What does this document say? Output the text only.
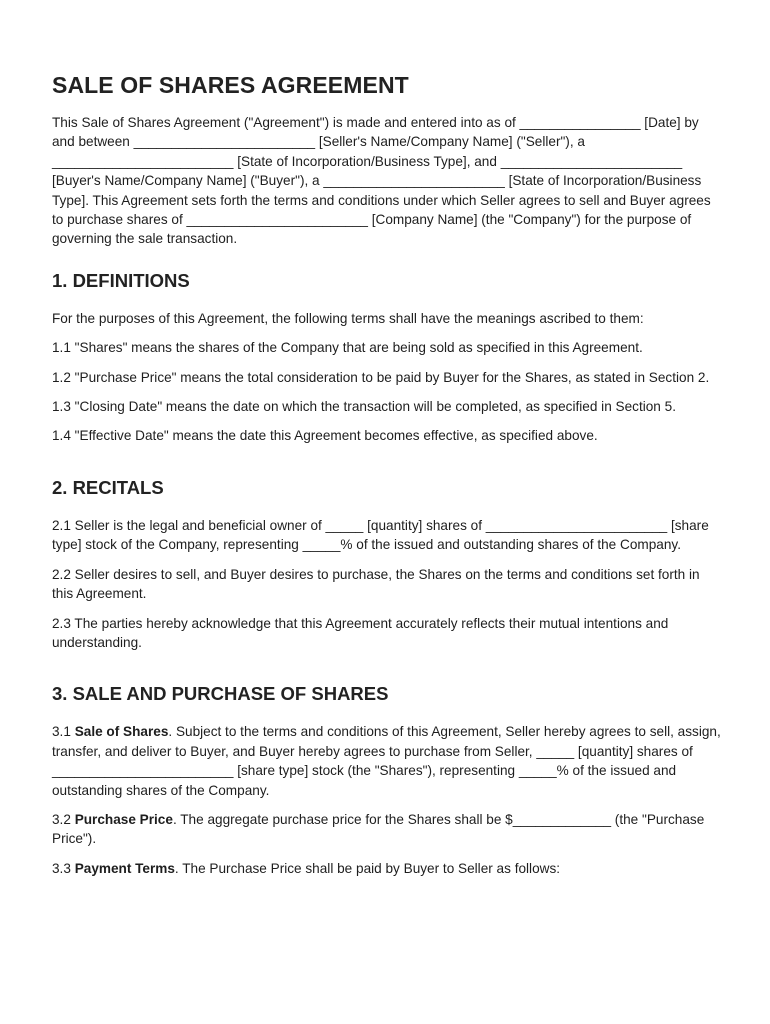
SALE OF SHARES AGREEMENT

This Sale of Shares Agreement ("Agreement") is made and entered into as of ________________ [Date] by and between ________________________ [Seller's Name/Company Name] ("Seller"), a ________________________ [State of Incorporation/Business Type], and ________________________ [Buyer's Name/Company Name] ("Buyer"), a ________________________ [State of Incorporation/Business Type]. This Agreement sets forth the terms and conditions under which Seller agrees to sell and Buyer agrees to purchase shares of ________________________ [Company Name] (the "Company") for the purpose of governing the sale transaction.

1. DEFINITIONS

For the purposes of this Agreement, the following terms shall have the meanings ascribed to them:

1.1 "Shares" means the shares of the Company that are being sold as specified in this Agreement.

1.2 "Purchase Price" means the total consideration to be paid by Buyer for the Shares, as stated in Section 2.

1.3 "Closing Date" means the date on which the transaction will be completed, as specified in Section 5.

1.4 "Effective Date" means the date this Agreement becomes effective, as specified above.

2. RECITALS

2.1 Seller is the legal and beneficial owner of _____ [quantity] shares of ________________________ [share type] stock of the Company, representing _____% of the issued and outstanding shares of the Company.

2.2 Seller desires to sell, and Buyer desires to purchase, the Shares on the terms and conditions set forth in this Agreement.

2.3 The parties hereby acknowledge that this Agreement accurately reflects their mutual intentions and understanding.

3. SALE AND PURCHASE OF SHARES

3.1 Sale of Shares. Subject to the terms and conditions of this Agreement, Seller hereby agrees to sell, assign, transfer, and deliver to Buyer, and Buyer hereby agrees to purchase from Seller, _____ [quantity] shares of ________________________ [share type] stock (the "Shares"), representing _____% of the issued and outstanding shares of the Company.

3.2 Purchase Price. The aggregate purchase price for the Shares shall be $_____________ (the "Purchase Price").

3.3 Payment Terms. The Purchase Price shall be paid by Buyer to Seller as follows:
